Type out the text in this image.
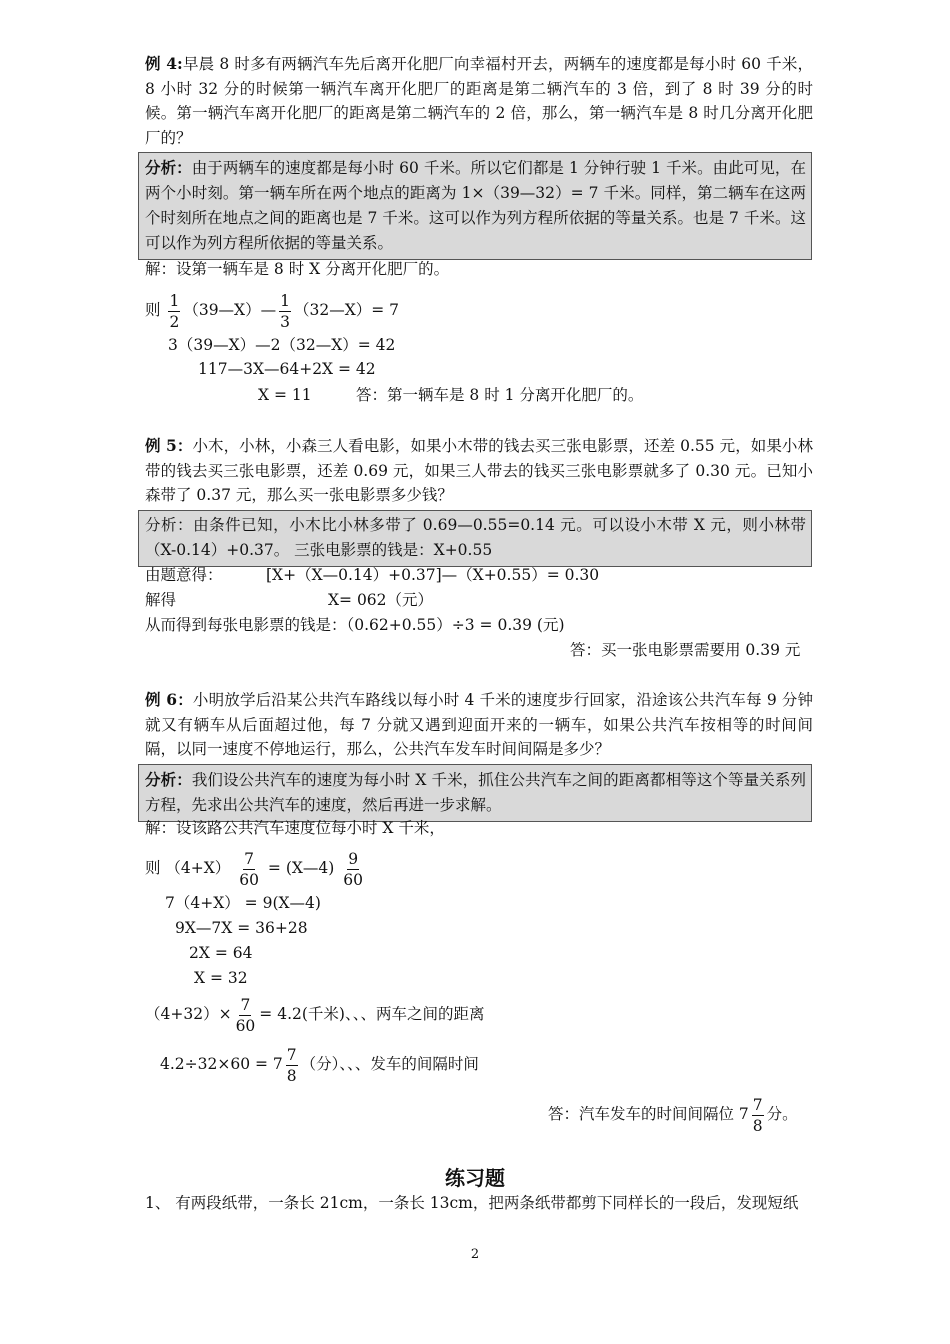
例 4:早晨 8 时多有两辆汽车先后离开化肥厂向幸福村开去，两辆车的速度都是每小时 60 千米，8 小时 32 分的时候第一辆汽车离开化肥厂的距离是第二辆汽车的 3 倍，到了 8 时 39 分的时候。第一辆汽车离开化肥厂的距离是第二辆汽车的 2 倍，那么，第一辆汽车是 8 时几分离开化肥厂的？

分析：由于两辆车的速度都是每小时 60 千米。所以它们都是 1 分钟行驶 1 千米。由此可见，在两个小时刻。第一辆车所在两个地点的距离为 1×（39—32）= 7 千米。同样，第二辆车在这两个时刻所在地点之间的距离也是 7 千米。这可以作为列方程所依据的等量关系。也是 7 千米。这可以作为列方程所依据的等量关系。
解：设第一辆车是 8 时 X 分离开化肥厂的。
则 $\frac{1}{2}$ （39—X）— $\frac{1}{3}$ （32—X）= 7
3（39—X）—2（32—X）= 42
117—3X—64+2X = 42
X = 11	答：第一辆车是 8 时 1 分离开化肥厂的。

例 5：小木，小林，小森三人看电影，如果小木带的钱去买三张电影票，还差 0.55 元，如果小林带的钱去买三张电影票，还差 0.69 元，如果三人带去的钱买三张电影票就多了 0.30 元。已知小森带了 0.37 元，那么买一张电影票多少钱？

分析：由条件已知，小木比小林多带了 0.69—0.55=0.14 元。可以设小木带 X 元，则小林带（X-0.14）+0.37。 三张电影票的钱是：X+0.55
由题意得：	[X+（X—0.14）+0.37]—（X+0.55）= 0.30
解得	X= 062（元）
从而得到每张电影票的钱是：（0.62+0.55）÷3 = 0.39 (元)
答：买一张电影票需要用 0.39 元

例 6：小明放学后沿某公共汽车路线以每小时 4 千米的速度步行回家，沿途该公共汽车每 9 分钟就又有辆车从后面超过他，每 7 分就又遇到迎面开来的一辆车，如果公共汽车按相等的时间间隔，以同一速度不停地运行，那么，公共汽车发车时间间隔是多少？

分析：我们设公共汽车的速度为每小时 X 千米，抓住公共汽车之间的距离都相等这个等量关系列方程，先求出公共汽车的速度，然后再进一步求解。
解：设该路公共汽车速度位每小时 X 千米，
则 $(4+X) \frac{7}{60}$ = (X—4) $\frac{9}{60}$
7（4+X） = 9(X—4)
9X—7X = 36+28
2X = 64
X = 32
$(4+32)\times \frac{7}{60} = 4.2$(千米)、、、两车之间的距离
$4.2\div 32\times 60 = 7 \frac{7}{8}$ （分）、、、发车的间隔时间
答：汽车发车的时间间隔位 $7 \frac{7}{8}$ 分。
练习题
1、 有两段纸带，一条长 21cm，一条长 13cm，把两条纸带都剪下同样长的一段后，发现短纸
2
